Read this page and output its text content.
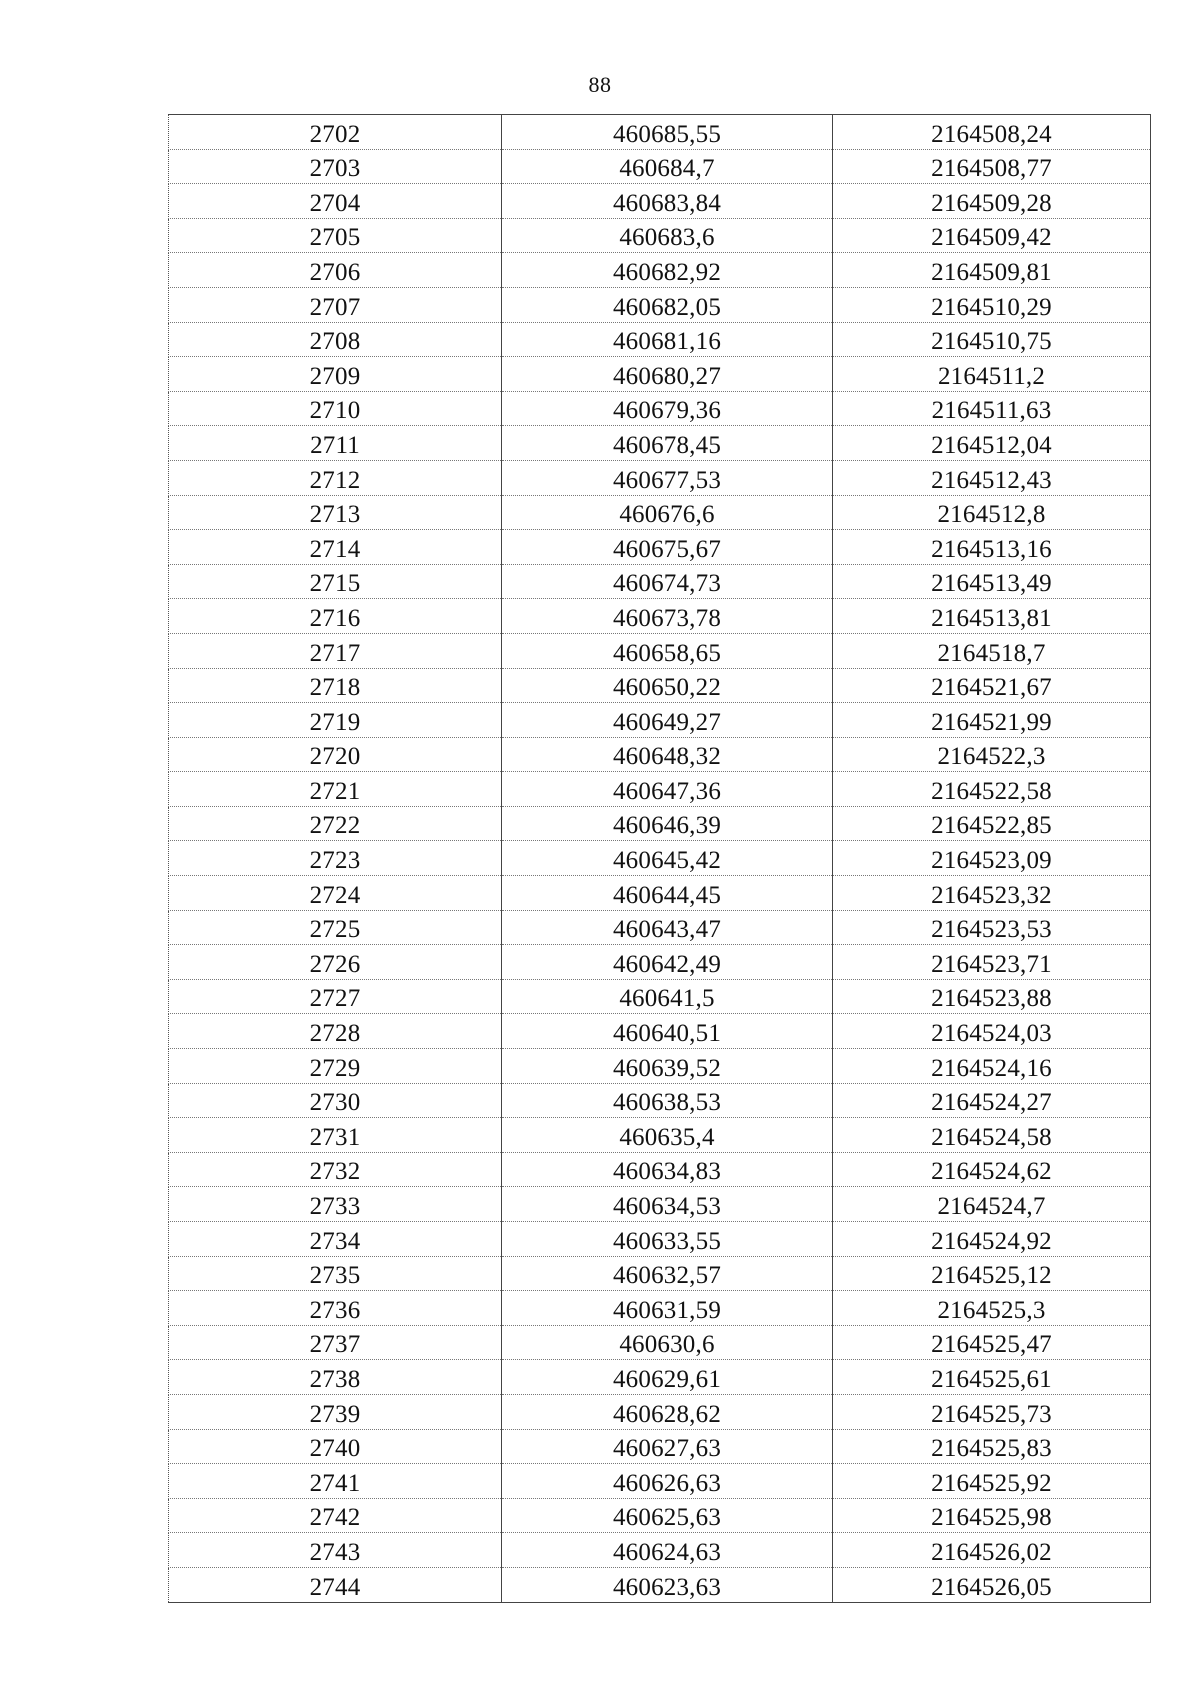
88
2702	460685,55	2164508,24
2703	460684,7	2164508,77
2704	460683,84	2164509,28
2705	460683,6	2164509,42
2706	460682,92	2164509,81
2707	460682,05	2164510,29
2708	460681,16	2164510,75
2709	460680,27	2164511,2
2710	460679,36	2164511,63
2711	460678,45	2164512,04
2712	460677,53	2164512,43
2713	460676,6	2164512,8
2714	460675,67	2164513,16
2715	460674,73	2164513,49
2716	460673,78	2164513,81
2717	460658,65	2164518,7
2718	460650,22	2164521,67
2719	460649,27	2164521,99
2720	460648,32	2164522,3
2721	460647,36	2164522,58
2722	460646,39	2164522,85
2723	460645,42	2164523,09
2724	460644,45	2164523,32
2725	460643,47	2164523,53
2726	460642,49	2164523,71
2727	460641,5	2164523,88
2728	460640,51	2164524,03
2729	460639,52	2164524,16
2730	460638,53	2164524,27
2731	460635,4	2164524,58
2732	460634,83	2164524,62
2733	460634,53	2164524,7
2734	460633,55	2164524,92
2735	460632,57	2164525,12
2736	460631,59	2164525,3
2737	460630,6	2164525,47
2738	460629,61	2164525,61
2739	460628,62	2164525,73
2740	460627,63	2164525,83
2741	460626,63	2164525,92
2742	460625,63	2164525,98
2743	460624,63	2164526,02
2744	460623,63	2164526,05
